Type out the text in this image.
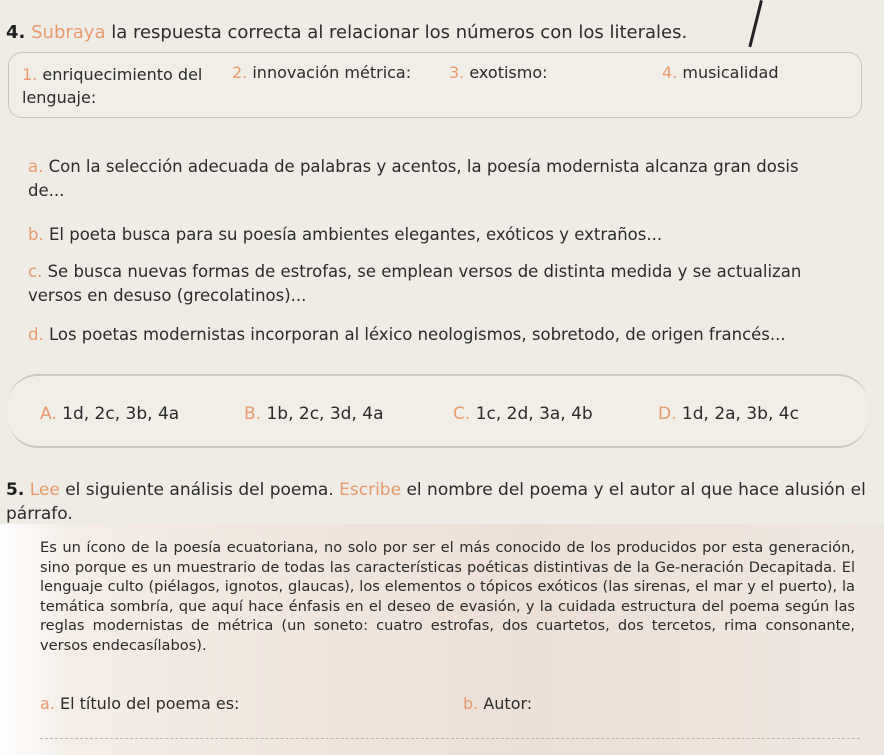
4. Subraya la respuesta correcta al relacionar los números con los literales.
1. enriquecimiento del
lenguaje:
2. innovación métrica: 3. exotismo:	4. musicalidad
a. Con la selección adecuada de palabras y acentos, la poesía modernista alcanza gran dosis
de...
b. El poeta busca para su poesía ambientes elegantes, exóticos y extraños...
c. Se busca nuevas formas de estrofas, se emplean versos de distinta medida y se actualizan
versos en desuso (grecolatinos)...
d. Los poetas modernistas incorporan al léxico neologismos, sobretodo, de origen francés...
A. 1d, 2c, 3b, 4a	B. 1b, 2c, 3d, 4a	C. 1c, 2d, 3a, 4b	D. 1d, 2a, 3b, 4c
5. Lee el siguiente análisis del poema. Escribe el nombre del poema y el autor al que hace alusión el
párrafo.
Es un ícono de la poesía ecuatoriana, no solo por ser el más conocido de los producidos por esta generación, sino porque es un muestrario de todas las características poéticas distintivas de la Ge-neración Decapitada. El lenguaje culto (piélagos, ignotos, glaucas), los elementos o tópicos exóticos (las sirenas, el mar y el puerto), la temática sombría, que aquí hace énfasis en el deseo de evasión, y la cuidada estructura del poema según las reglas modernistas de métrica (un soneto: cuatro estrofas, dos cuartetos, dos tercetos, rima consonante, versos endecasílabos).
a. El título del poema es:	b. Autor:
